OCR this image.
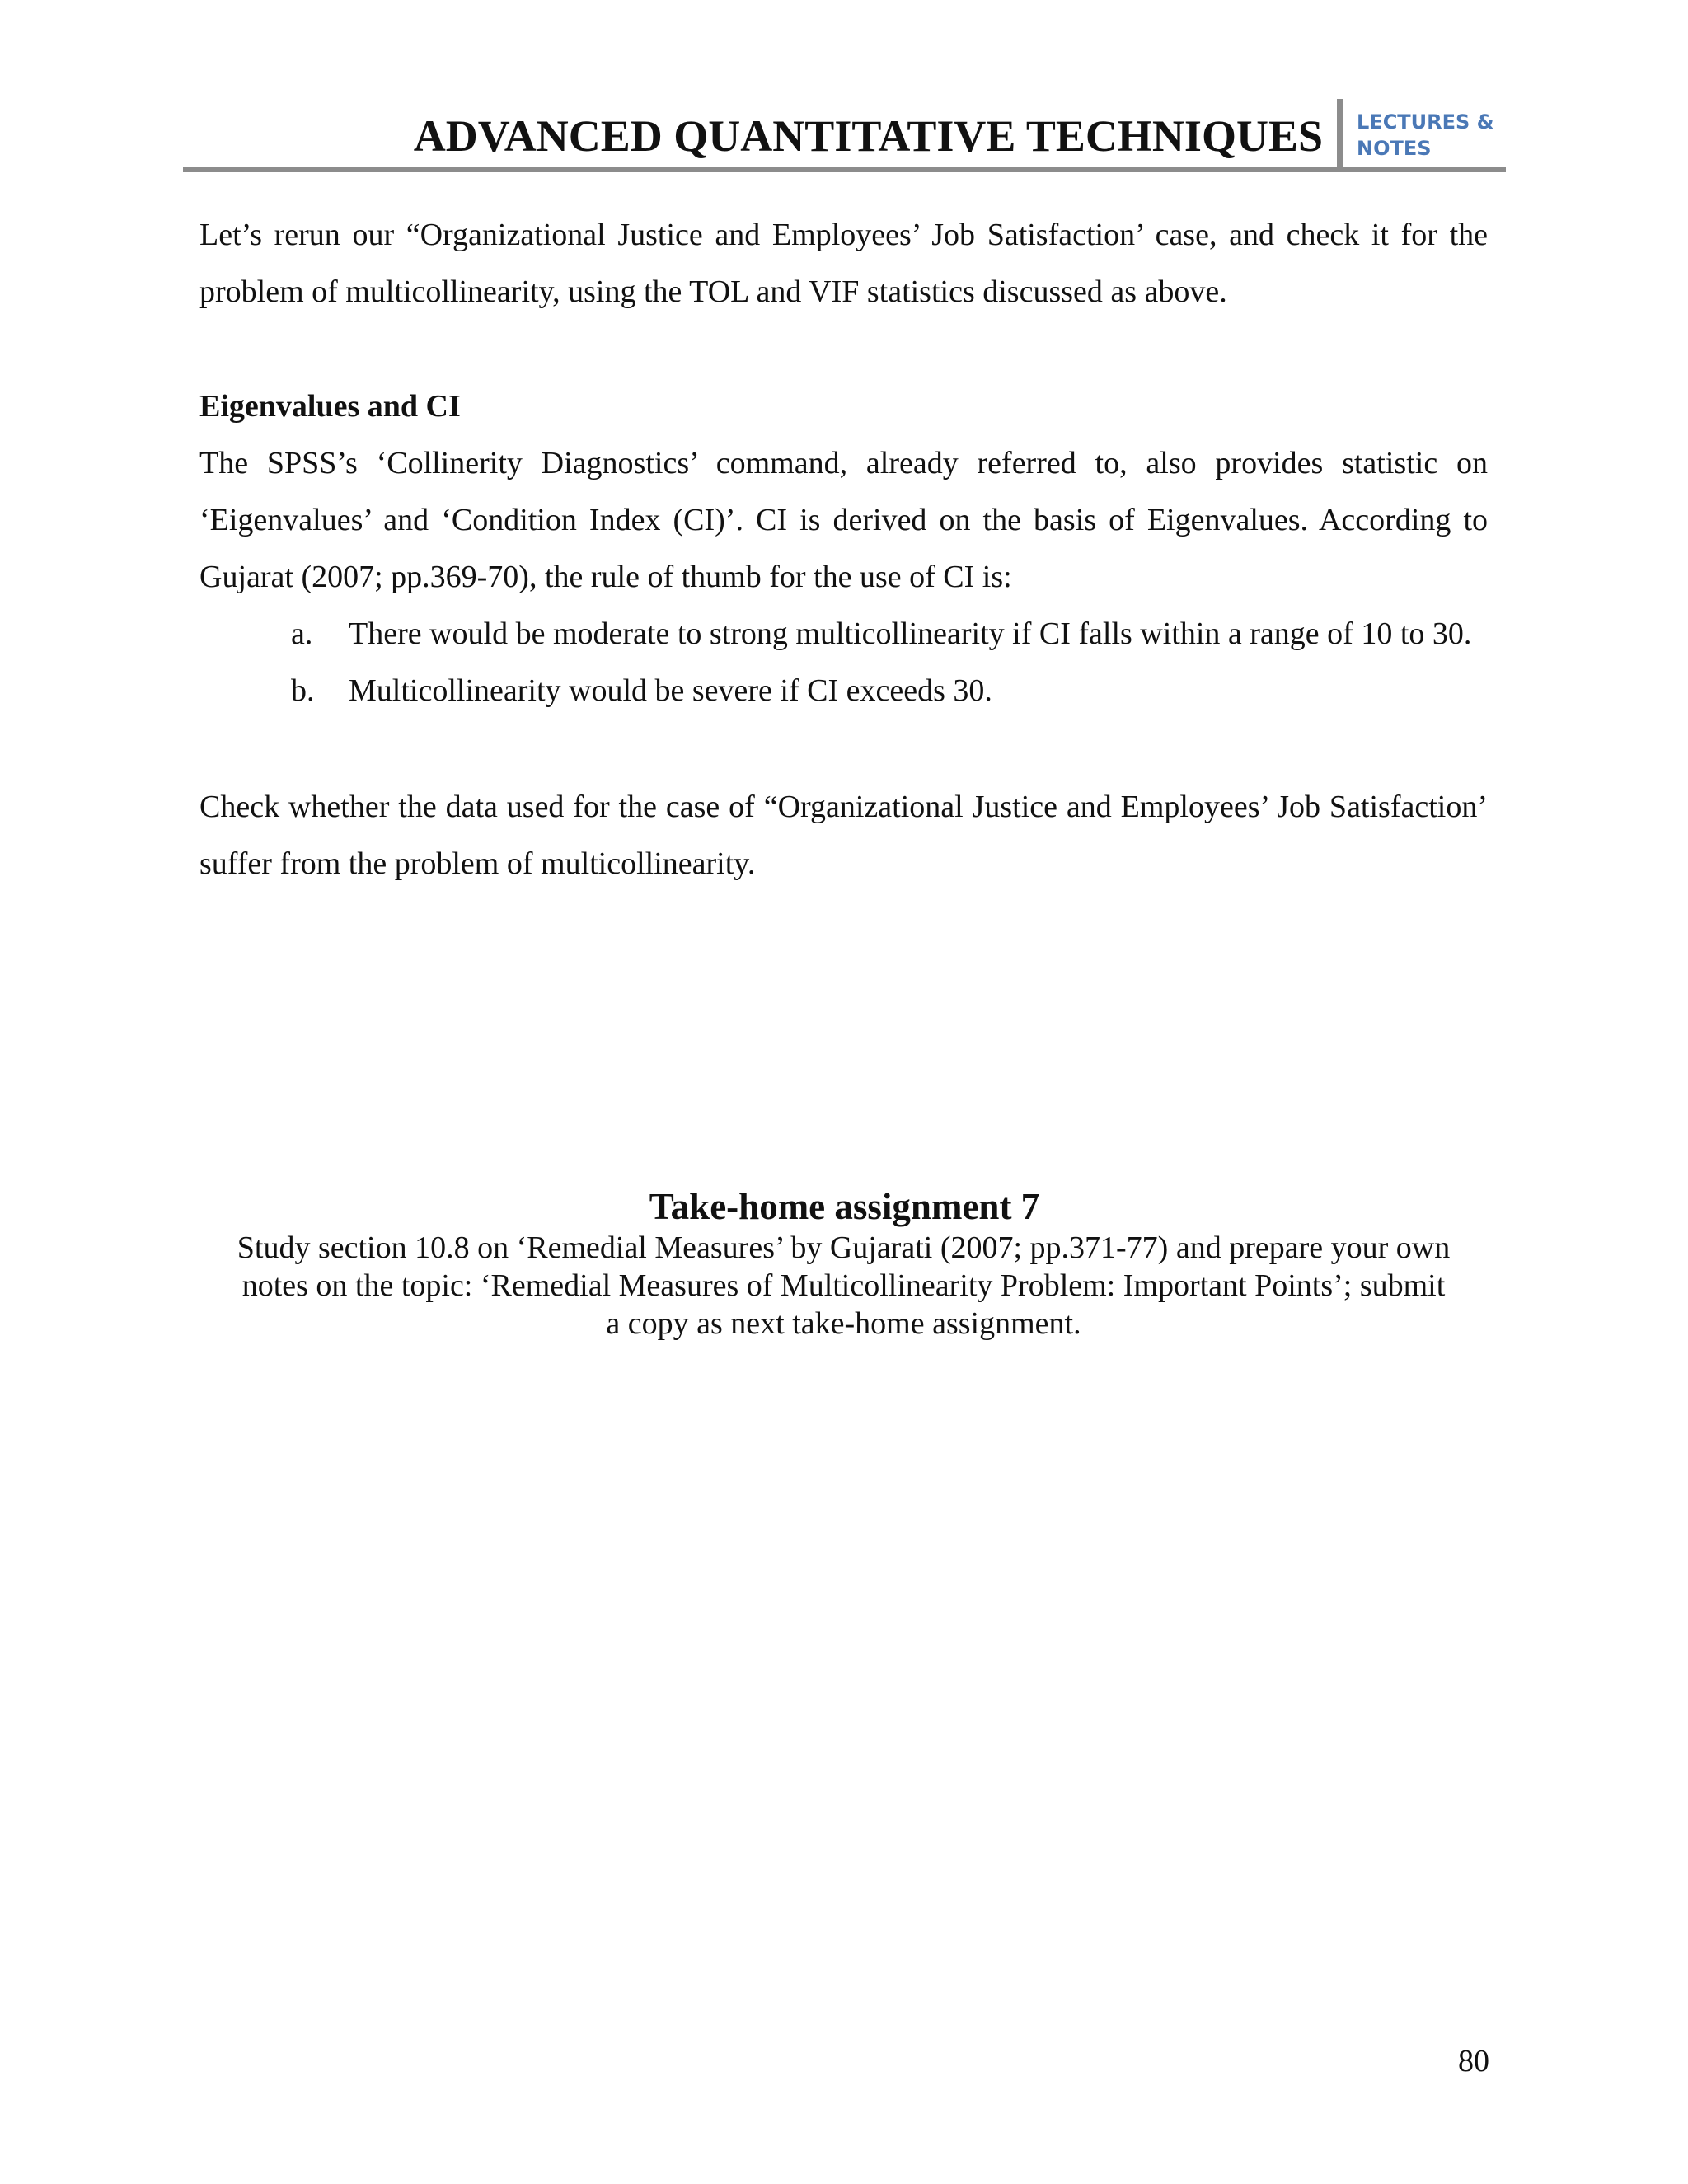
ADVANCED QUANTITATIVE TECHNIQUES LECTURES &
NOTES
Let’s rerun our “Organizational Justice and Employees’ Job Satisfaction’ case, and check it for the problem of multicollinearity, using the TOL and VIF statistics discussed as above.
Eigenvalues and CI
The SPSS’s ‘Collinerity Diagnostics’ command, already referred to, also provides statistic on ‘Eigenvalues’ and ‘Condition Index (CI)’. CI is derived on the basis of Eigenvalues. According to Gujarat (2007; pp.369-70), the rule of thumb for the use of CI is:
a.	There would be moderate to strong multicollinearity if CI falls within a range of 10 to 30.
b.	Multicollinearity would be severe if CI exceeds 30.
Check whether the data used for the case of “Organizational Justice and Employees’ Job Satisfaction’ suffer from the problem of multicollinearity.
Take-home assignment 7
Study section 10.8 on ‘Remedial Measures’ by Gujarati (2007; pp.371-77) and prepare your own
notes on the topic: ‘Remedial Measures of Multicollinearity Problem: Important Points’; submit
a copy as next take-home assignment.
80
